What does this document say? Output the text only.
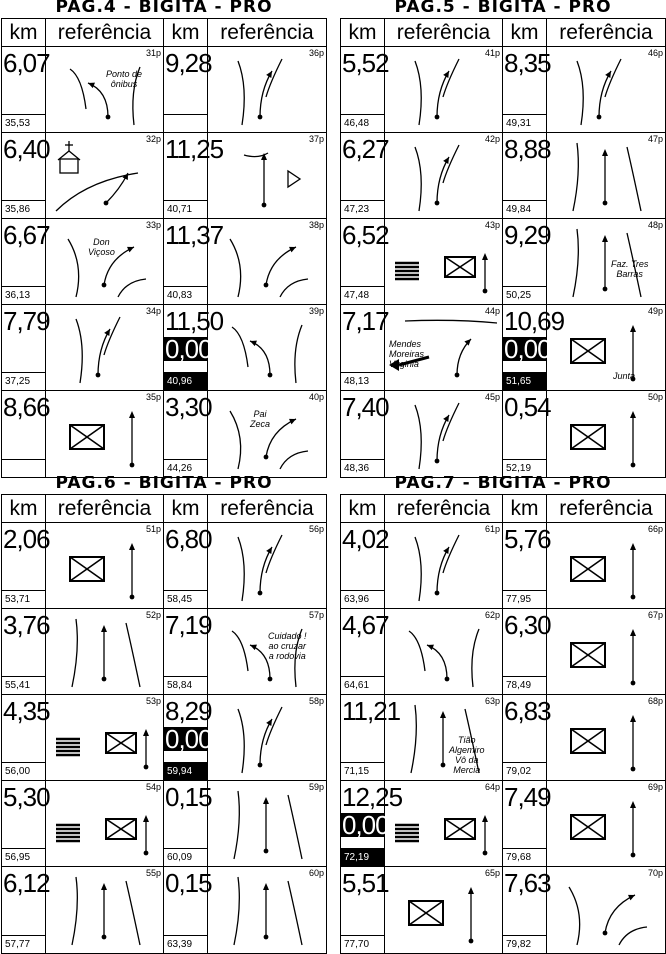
PAG.4 - BIGITA - PRO
km referência km referência
6,07
35,53
31p
Ponto de
ônibus
9,28	36p
6,40
35,86
32p 11,25
40,71
37p
6,67
36,13
33p
Don
Viçoso
11,37
40,83
38p
7,79
37,25
34p 11,50
0,00
40,96
39p
8,66	35p 3,30
44,26
40p
Pai
Zeca
PAG.5 - BIGITA - PRO
km referência km referência
5,52
46,48
41p 8,35
49,31
46p
6,27
47,23
42p 8,88
49,84
47p
6,52
47,48
43p 9,29
50,25
48p
Faz. Tres
Barras
7,17
48,13
44p
Mendes
Moreiras
Virginia
10,69
0,00
51,65
49p
Junta
7,40
48,36
45p 0,54
52,19
50p
PAG.6 - BIGITA - PRO
km referência km referência
2,06
53,71
51p 6,80
58,45
56p
3,76
55,41
52p 7,19
58,84
57p
Cuidado !
ao cruzar
a rodovia
4,35
56,00
53p 8,29
0,00
59,94
58p
5,30
56,95
54p 0,15
60,09
59p
6,12
57,77
55p 0,15
63,39
60p
PAG.7 - BIGITA - PRO
km referência km referência
4,02
63,96
61p 5,76
77,95
66p
4,67
64,61
62p 6,30
78,49
67p
11,21
71,15
63p
Tião
Algemiro
Vô da
Mercia
6,83
79,02
68p
12,25
0,00
72,19
64p 7,49
79,68
69p
5,51
77,70
65p 7,63
79,82
70p
